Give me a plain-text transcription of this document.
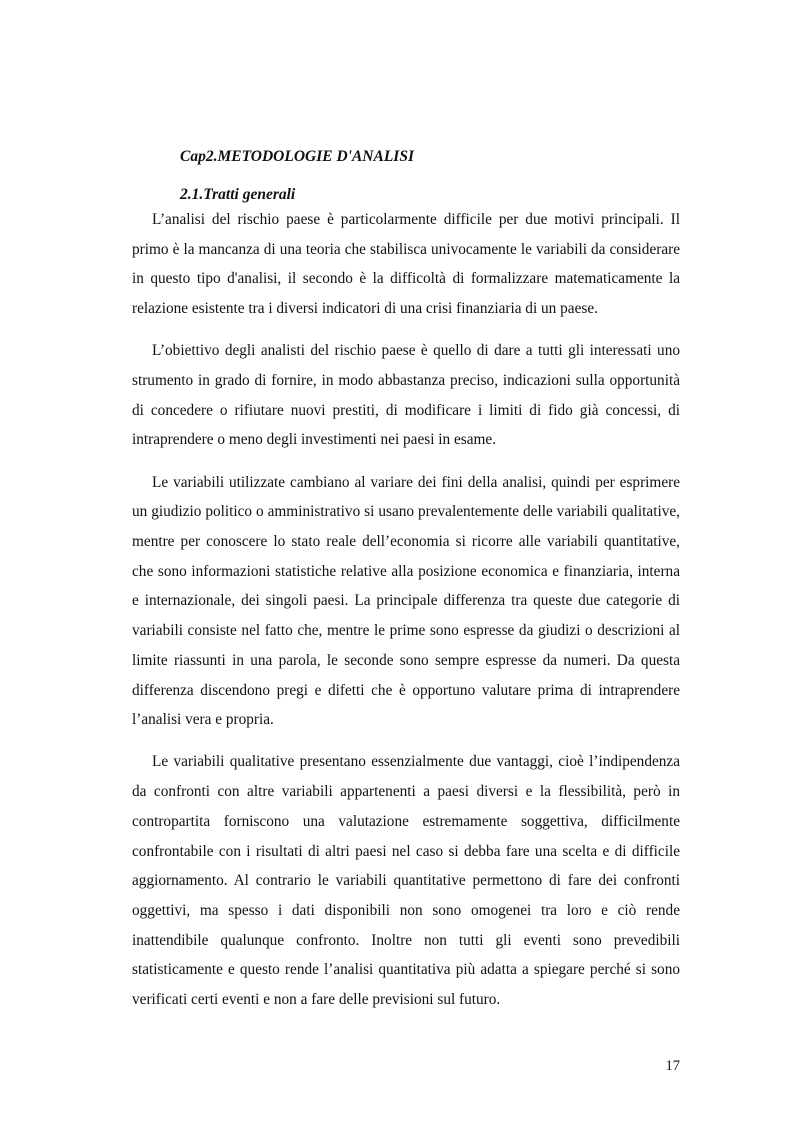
Cap2.METODOLOGIE D'ANALISI
2.1.Tratti generali

L’analisi del rischio paese è particolarmente difficile per due motivi principali. Il primo è la mancanza di una teoria che stabilisca univocamente le variabili da considerare in questo tipo d'analisi, il secondo è la difficoltà di formalizzare matematicamente la relazione esistente tra i diversi indicatori di una crisi finanziaria di un paese.

L’obiettivo degli analisti del rischio paese è quello di dare a tutti gli interessati uno strumento in grado di fornire, in modo abbastanza preciso, indicazioni sulla opportunità di concedere o rifiutare nuovi prestiti, di modificare i limiti di fido già concessi, di intraprendere o meno degli investimenti nei paesi in esame.

Le variabili utilizzate cambiano al variare dei fini della analisi, quindi per esprimere un giudizio politico o amministrativo si usano prevalentemente delle variabili qualitative, mentre per conoscere lo stato reale dell’economia si ricorre alle variabili quantitative, che sono informazioni statistiche relative alla posizione economica e finanziaria, interna e internazionale, dei singoli paesi. La principale differenza tra queste due categorie di variabili consiste nel fatto che, mentre le prime sono espresse da giudizi o descrizioni al limite riassunti in una parola, le seconde sono sempre espresse da numeri. Da questa differenza discendono pregi e difetti che è opportuno valutare prima di intraprendere l’analisi vera e propria.

Le variabili qualitative presentano essenzialmente due vantaggi, cioè l’indipendenza da confronti con altre variabili appartenenti a paesi diversi e la flessibilità, però in contropartita forniscono una valutazione estremamente soggettiva, difficilmente confrontabile con i risultati di altri paesi nel caso si debba fare una scelta e di difficile aggiornamento. Al contrario le variabili quantitative permettono di fare dei confronti oggettivi, ma spesso i dati disponibili non sono omogenei tra loro e ciò rende inattendibile qualunque confronto. Inoltre non tutti gli eventi sono prevedibili statisticamente e questo rende l’analisi quantitativa più adatta a spiegare perché si sono verificati certi eventi e non a fare delle previsioni sul futuro.

17
